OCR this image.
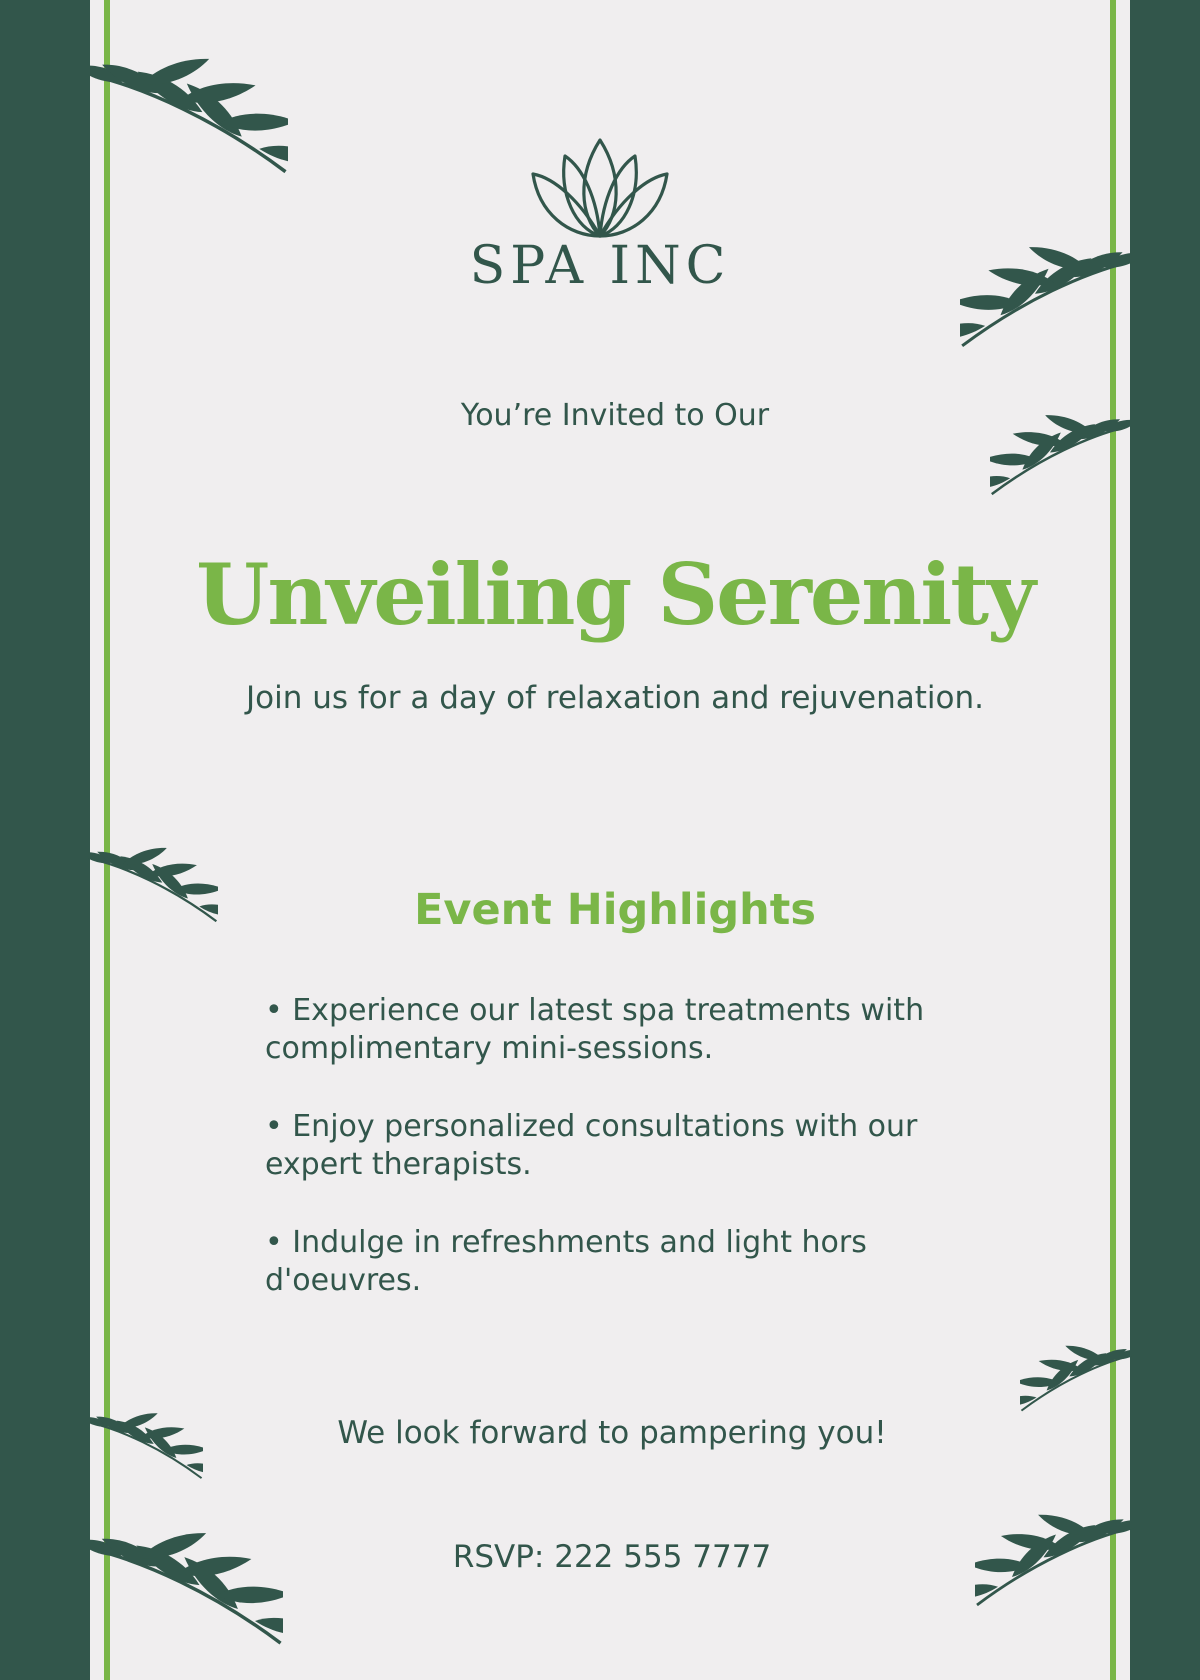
SPA INC
You’re Invited to Our
Unveiling Serenity
Join us for a day of relaxation and rejuvenation.
Event Highlights
• Experience our latest spa treatments with complimentary mini-sessions.
• Enjoy personalized consultations with our expert therapists.
• Indulge in refreshments and light hors d'oeuvres.
We look forward to pampering you!
RSVP: 222 555 7777
